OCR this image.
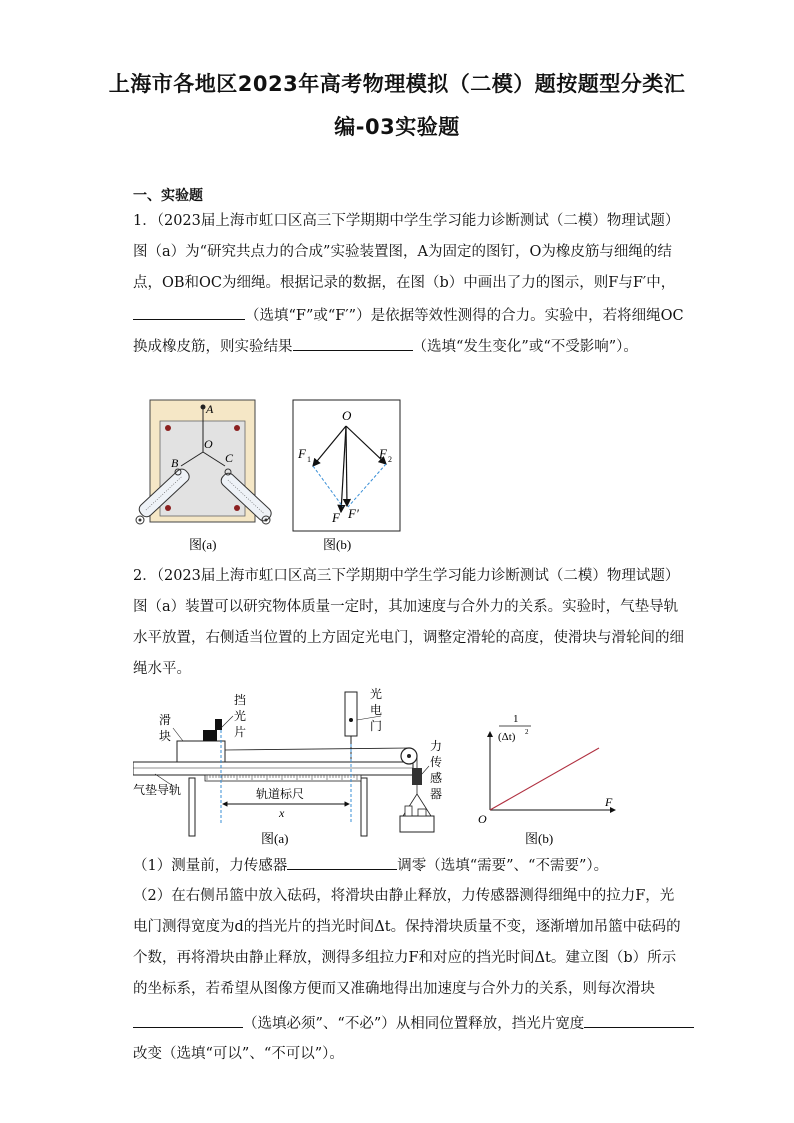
上海市各地区2023年高考物理模拟（二模）题按题型分类汇
编-03实验题
一、实验题
1．（2023届上海市虹口区高三下学期期中学生学习能力诊断测试（二模）物理试题）
图（a）为“研究共点力的合成”实验装置图，A为固定的图钉，O为橡皮筋与细绳的结
点，OB和OC为细绳。根据记录的数据，在图（b）中画出了力的图示，则F与F′中，
（选填“F”或“F′”）是依据等效性测得的合力。实验中，若将细绳OC
换成橡皮筋，则实验结果	（选填“发生变化”或“不受影响”）。
A
O
B	C
图(a)
O
F 1	F 2
F F′
图(b)
2．（2023届上海市虹口区高三下学期期中学生学习能力诊断测试（二模）物理试题）
图（a）装置可以研究物体质量一定时，其加速度与合外力的关系。实验时，气垫导轨
水平放置，右侧适当位置的上方固定光电门，调整定滑轮的高度，使滑块与滑轮间的细
绳水平。
滑
块
挡
光
片
光
电
门
力
传
感
器
气垫导轨	轨道标尺
x
图(a)
1
(Δt) 2
F
O
图(b)
（1）测量前，力传感器	调零（选填“需要”、“不需要”）。
（2）在右侧吊篮中放入砝码，将滑块由静止释放，力传感器测得细绳中的拉力F，光
电门测得宽度为d的挡光片的挡光时间Δt。保持滑块质量不变，逐渐增加吊篮中砝码的
个数，再将滑块由静止释放，测得多组拉力F和对应的挡光时间Δt。建立图（b）所示
的坐标系，若希望从图像方便而又准确地得出加速度与合外力的关系，则每次滑块
（选填必须”、“不必”）从相同位置释放，挡光片宽度
改变（选填“可以”、“不可以”）。
